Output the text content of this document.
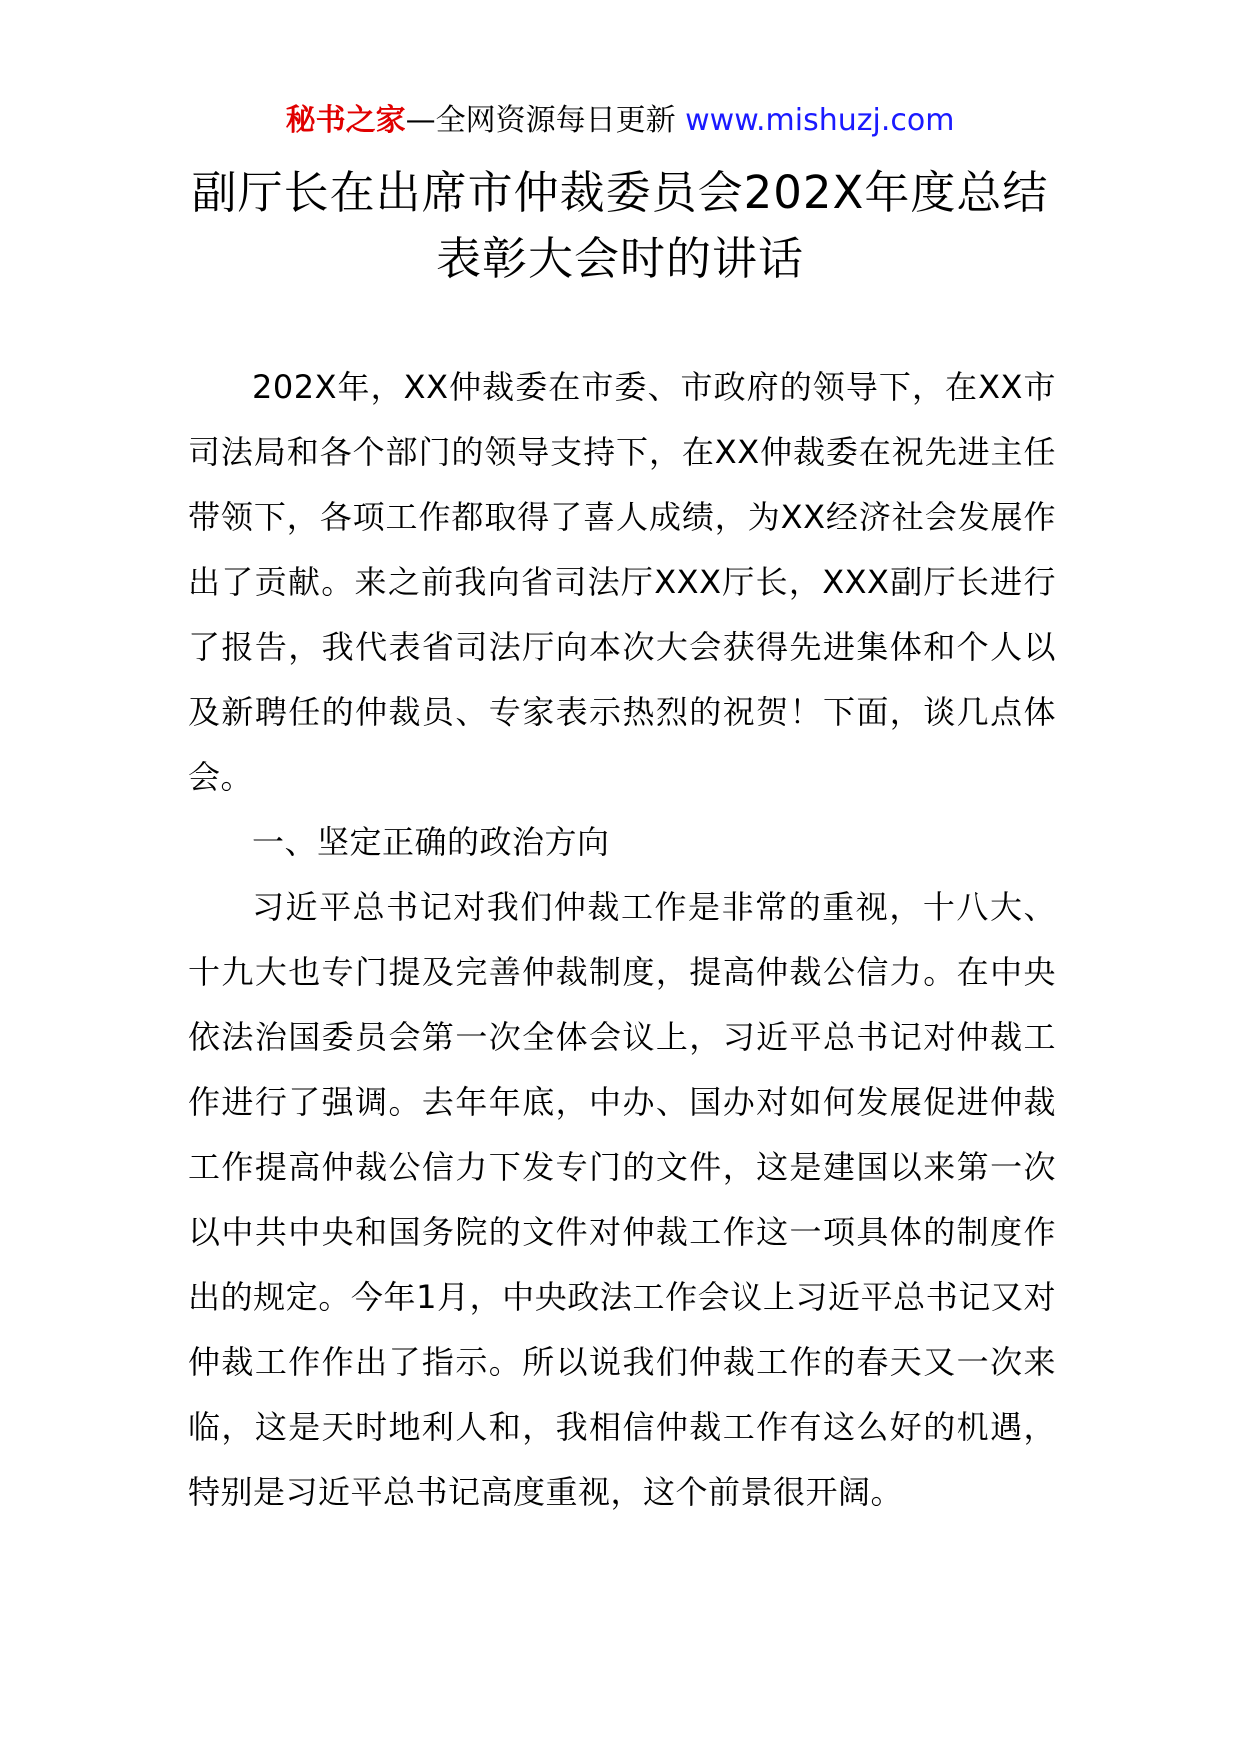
秘书之家—全网资源每日更新 www.mishuzj.com
副厅长在出席市仲裁委员会202X年度总结
表彰大会时的讲话

202X年，XX仲裁委在市委、市政府的领导下，在XX市司法局和各个部门的领导支持下，在XX仲裁委在祝先进主任带领下，各项工作都取得了喜人成绩，为XX经济社会发展作出了贡献。来之前我向省司法厅XXX厅长，XXX副厅长进行了报告，我代表省司法厅向本次大会获得先进集体和个人以及新聘任的仲裁员、专家表示热烈的祝贺！下面，谈几点体会。

一、坚定正确的政治方向

习近平总书记对我们仲裁工作是非常的重视，十八大、十九大也专门提及完善仲裁制度，提高仲裁公信力。在中央依法治国委员会第一次全体会议上，习近平总书记对仲裁工作进行了强调。去年年底，中办、国办对如何发展促进仲裁工作提高仲裁公信力下发专门的文件，这是建国以来第一次以中共中央和国务院的文件对仲裁工作这一项具体的制度作出的规定。今年1月，中央政法工作会议上习近平总书记又对仲裁工作作出了指示。所以说我们仲裁工作的春天又一次来临，这是天时地利人和，我相信仲裁工作有这么好的机遇，特别是习近平总书记高度重视，这个前景很开阔。
